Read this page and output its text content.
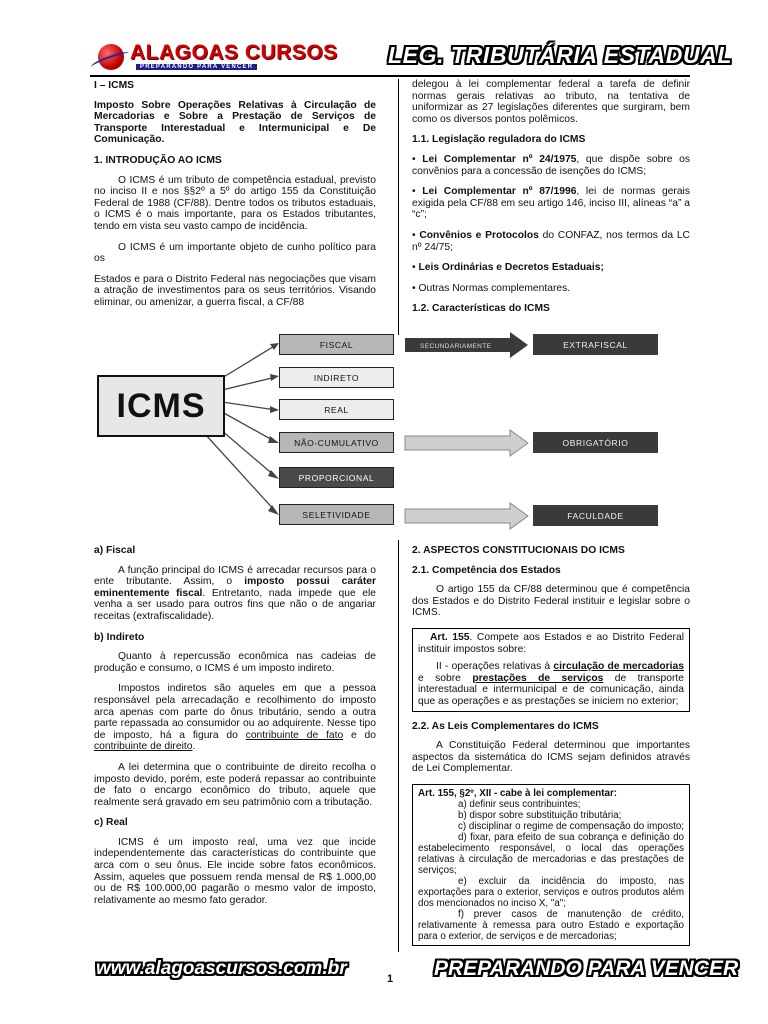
ALAGOAS CURSOS
PREPARANDO PARA VENCER	LEG. TRIBUTÁRIA ESTADUAL

I – ICMS

Imposto Sobre Operações Relativas à Circulação de Mercadorias e Sobre a Prestação de Serviços de Transporte Interestadual e Intermunicipal e De Comunicação.

1. INTRODUÇÃO AO ICMS

O ICMS é um tributo de competência estadual, previsto no inciso II e nos §§2º a 5º do artigo 155 da Constituição Federal de 1988 (CF/88). Dentre todos os tributos estaduais, o ICMS é o mais importante, para os Estados tributantes, tendo em vista seu vasto campo de incidência.

O ICMS é um importante objeto de cunho político para os

Estados e para o Distrito Federal nas negociações que visam a atração de investimentos para os seus territórios. Visando eliminar, ou amenizar, a guerra fiscal, a CF/88

delegou à lei complementar federal a tarefa de definir normas gerais relativas ao tributo, na tentativa de uniformizar as 27 legislações diferentes que surgiram, bem como os diversos pontos polêmicos.

1.1. Legislação reguladora do ICMS

• Lei Complementar nº 24/1975, que dispõe sobre os convênios para a concessão de isenções do ICMS;

• Lei Complementar nº 87/1996, lei de normas gerais exigida pela CF/88 em seu artigo 146, inciso III, alíneas “a” a “c”;

• Convênios e Protocolos do CONFAZ, nos termos da LC nº 24/75;

• Leis Ordinárias e Decretos Estaduais;

• Outras Normas complementares.

1.2. Características do ICMS

SECUNDARIAMENTE
ICMS
FISCAL
INDIRETO
REAL
NÃO-CUMULATIVO
PROPORCIONAL
SELETIVIDADE
EXTRAFISCAL
OBRIGATÓRIO
FACULDADE

a) Fiscal

A função principal do ICMS é arrecadar recursos para o ente tributante. Assim, o imposto possui caráter eminentemente fiscal. Entretanto, nada impede que ele venha a ser usado para outros fins que não o de angariar receitas (extrafiscalidade).

b) Indireto

Quanto à repercussão econômica nas cadeias de produção e consumo, o ICMS é um imposto indireto.

Impostos indiretos são aqueles em que a pessoa responsável pela arrecadação e recolhimento do imposto arca apenas com parte do ônus tributário, sendo a outra parte repassada ao consumidor ou ao adquirente. Nesse tipo de imposto, há a figura do contribuinte de fato e do contribuinte de direito.

A lei determina que o contribuinte de direito recolha o imposto devido, porém, este poderá repassar ao contribuinte de fato o encargo econômico do tributo, aquele que realmente será gravado em seu patrimônio com a tributação.

c) Real

ICMS é um imposto real, uma vez que incide independentemente das características do contribuinte que arca com o seu ônus. Ele incide sobre fatos econômicos. Assim, aqueles que possuem renda mensal de R$ 1.000,00 ou de R$ 100.000,00 pagarão o mesmo valor de imposto, relativamente ao mesmo fato gerador.

2. ASPECTOS CONSTITUCIONAIS DO ICMS

2.1. Competência dos Estados

O artigo 155 da CF/88 determinou que é competência dos Estados e do Distrito Federal instituir e legislar sobre o ICMS.

Art. 155. Compete aos Estados e ao Distrito Federal instituir impostos sobre:

II - operações relativas à circulação de mercadorias e sobre prestações de serviços de transporte interestadual e intermunicipal e de comunicação, ainda que as operações e as prestações se iniciem no exterior;

2.2. As Leis Complementares do ICMS

A Constituição Federal determinou que importantes aspectos da sistemática do ICMS sejam definidos através de Lei Complementar.

Art. 155, §2º, XII - cabe à lei complementar:

a) definir seus contribuintes;

b) dispor sobre substituição tributária;

c) disciplinar o regime de compensação do imposto;

d) fixar, para efeito de sua cobrança e definição do estabelecimento responsável, o local das operações relativas à circulação de mercadorias e das prestações de serviços;

e) excluir da incidência do imposto, nas exportações para o exterior, serviços e outros produtos além dos mencionados no inciso X, "a";

f) prever casos de manutenção de crédito, relativamente à remessa para outro Estado e exportação para o exterior, de serviços e de mercadorias;

www.alagoascursos.com.br	1 PREPARANDO PARA VENCER
